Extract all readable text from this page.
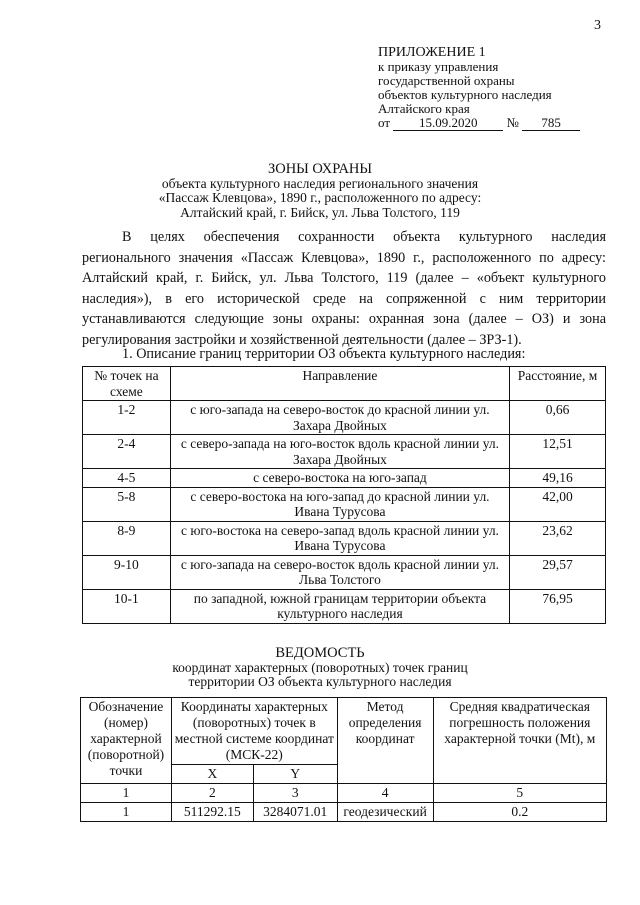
3
ПРИЛОЖЕНИЕ 1
к приказу управления
государственной охраны
объектов культурного наследия
Алтайского края
от 15.09.2020 № 785
ЗОНЫ ОХРАНЫ
объекта культурного наследия регионального значения
«Пассаж Клевцова», 1890 г., расположенного по адресу:
Алтайский край, г. Бийск, ул. Льва Толстого, 119
В целях обеспечения сохранности объекта культурного наследия регионального значения «Пассаж Клевцова», 1890 г., расположенного по адресу: Алтайский край, г. Бийск, ул. Льва Толстого, 119 (далее – «объект культурного наследия»), в его исторической среде на сопряженной с ним территории устанавливаются следующие зоны охраны: охранная зона (далее – ОЗ) и зона регулирования застройки и хозяйственной деятельности (далее – ЗРЗ-1).
1. Описание границ территории ОЗ объекта культурного наследия:
№ точек на схеме	Направление	Расстояние, м
1-2	с юго-запада на северо-восток до красной линии ул. Захара Двойных	0,66
2-4	с северо-запада на юго-восток вдоль красной линии ул. Захара Двойных	12,51
4-5	с северо-востока на юго-запад	49,16
5-8	с северо-востока на юго-запад до красной линии ул. Ивана Турусова	42,00
8-9	с юго-востока на северо-запад вдоль красной линии ул. Ивана Турусова	23,62
9-10	с юго-запада на северо-восток вдоль красной линии ул. Льва Толстого	29,57
10-1	по западной, южной границам территории объекта культурного наследия	76,95
ВЕДОМОСТЬ
координат характерных (поворотных) точек границ
территории ОЗ объекта культурного наследия
Обозначение (номер) характерной (поворотной) точки	Координаты характерных (поворотных) точек в местной системе координат (МСК-22)		Метод определения координат	Средняя квадратическая погрешность положения характерной точки (Mt), м
	X	Y		
1	2	3	4	5
1	511292.15	3284071.01	геодезический	0.2
